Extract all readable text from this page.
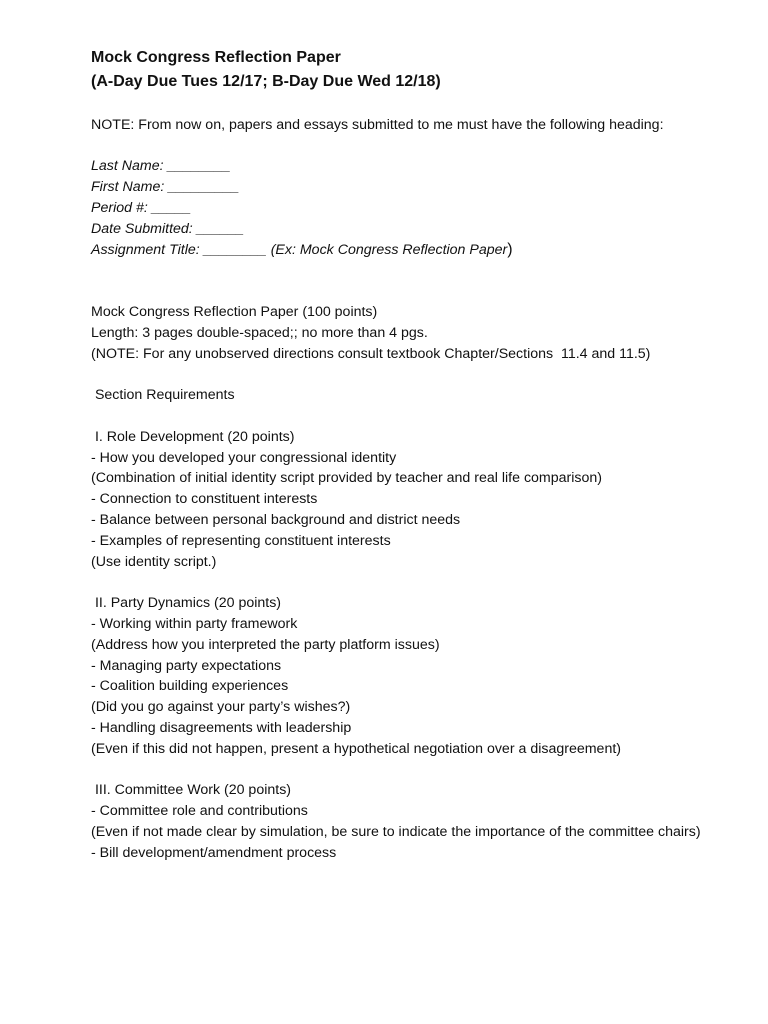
Mock Congress Reflection Paper
(A-Day Due Tues 12/17; B-Day Due Wed 12/18)
NOTE: From now on, papers and essays submitted to me must have the following heading:
Last Name: ________
First Name: _________
Period #: _____
Date Submitted: ______
Assignment Title: ________ (Ex: Mock Congress Reflection Paper)
Mock Congress Reflection Paper (100 points)
Length: 3 pages double-spaced;; no more than 4 pgs.
(NOTE: For any unobserved directions consult textbook Chapter/Sections  11.4 and 11.5)
Section Requirements
I. Role Development (20 points)
- How you developed your congressional identity
(Combination of initial identity script provided by teacher and real life comparison)
- Connection to constituent interests
- Balance between personal background and district needs
- Examples of representing constituent interests
(Use identity script.)
II. Party Dynamics (20 points)
- Working within party framework
(Address how you interpreted the party platform issues)
- Managing party expectations
- Coalition building experiences
(Did you go against your party’s wishes?)
- Handling disagreements with leadership
(Even if this did not happen, present a hypothetical negotiation over a disagreement)
III. Committee Work (20 points)
- Committee role and contributions
(Even if not made clear by simulation, be sure to indicate the importance of the committee chairs)
- Bill development/amendment process
